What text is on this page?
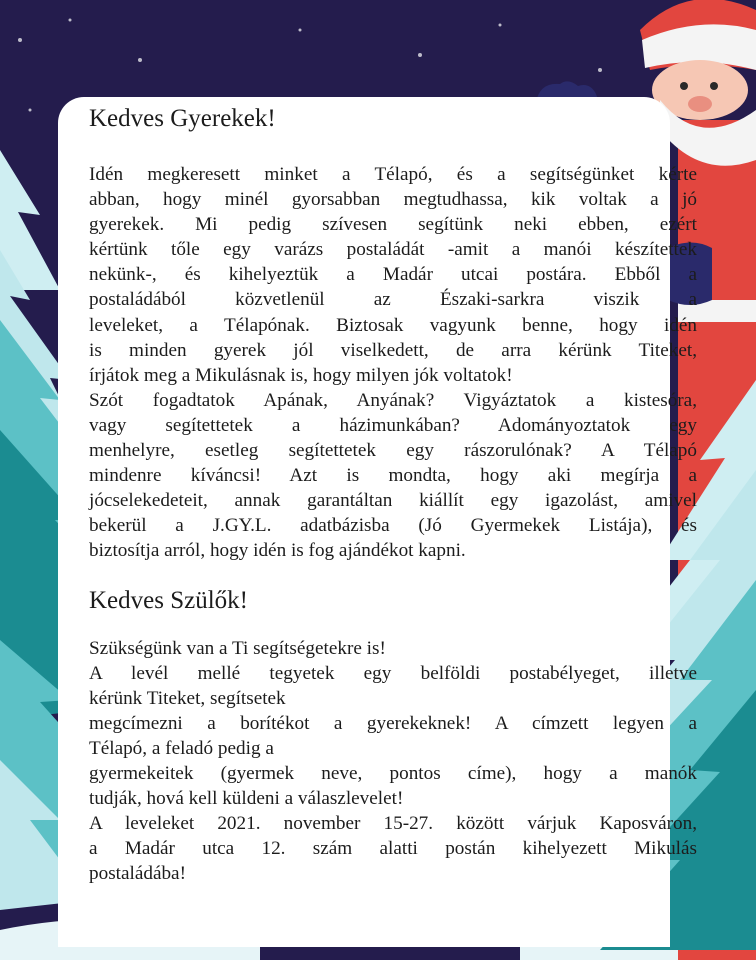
Kedves Gyerekek!
Idén megkeresett minket a Télapó, és a segítségünket kérte
abban, hogy minél gyorsabban megtudhassa, kik voltak a jó
gyerekek. Mi pedig szívesen segítünk neki ebben, ezért
kértünk tőle egy varázs postaládát -amit a manói készítettek
nekünk-, és kihelyeztük a Madár utcai postára. Ebből a
postaládából közvetlenül az Északi-sarkra viszik a
leveleket, a Télapónak. Biztosak vagyunk benne, hogy idén
is minden gyerek jól viselkedett, de arra kérünk Titeket,
írjátok meg a Mikulásnak is, hogy milyen jók voltatok!
Szót fogadtatok Apának, Anyának? Vigyáztatok a kistesóra,
vagy segítettetek a házimunkában? Adományoztatok egy
menhelyre, esetleg segítettetek egy rászorulónak? A Télapó
mindenre kíváncsi! Azt is mondta, hogy aki megírja a
jócselekedeteit, annak garantáltan kiállít egy igazolást, amivel
bekerül a J.GY.L. adatbázisba (Jó Gyermekek Listája), és
biztosítja arról, hogy idén is fog ajándékot kapni.
Kedves Szülők!
Szükségünk van a Ti segítségetekre is!
A levél mellé tegyetek egy belföldi postabélyeget, illetve
kérünk Titeket, segítsetek
megcímezni a borítékot a gyerekeknek! A címzett legyen a
Télapó, a feladó pedig a
gyermekeitek (gyermek neve, pontos címe), hogy a manók
tudják, hová kell küldeni a válaszlevelet!
A leveleket 2021. november 15-27. között várjuk Kaposváron,
a Madár utca 12. szám alatti postán kihelyezett Mikulás
postaládába!
